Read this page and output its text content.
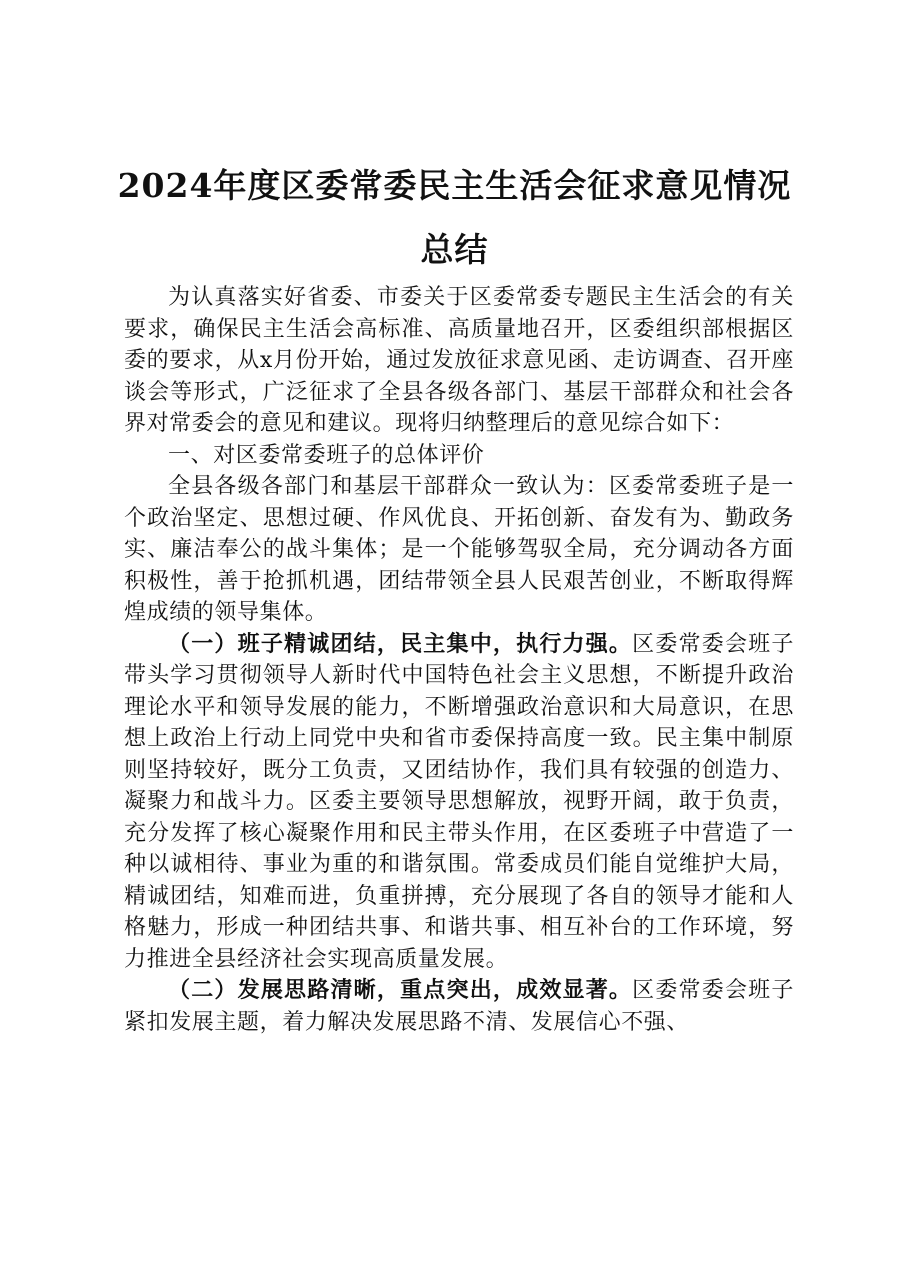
2024年度区委常委民主生活会征求意见情况
总结

为认真落实好省委、市委关于区委常委专题民主生活会的有关要求，确保民主生活会高标准、高质量地召开，区委组织部根据区委的要求，从x月份开始，通过发放征求意见函、走访调查、召开座谈会等形式，广泛征求了全县各级各部门、基层干部群众和社会各界对常委会的意见和建议。现将归纳整理后的意见综合如下：

一、对区委常委班子的总体评价

全县各级各部门和基层干部群众一致认为：区委常委班子是一个政治坚定、思想过硬、作风优良、开拓创新、奋发有为、勤政务实、廉洁奉公的战斗集体；是一个能够驾驭全局，充分调动各方面积极性，善于抢抓机遇，团结带领全县人民艰苦创业，不断取得辉煌成绩的领导集体。

（一）班子精诚团结，民主集中，执行力强。区委常委会班子带头学习贯彻领导人新时代中国特色社会主义思想，不断提升政治理论水平和领导发展的能力，不断增强政治意识和大局意识，在思想上政治上行动上同党中央和省市委保持高度一致。民主集中制原则坚持较好，既分工负责，又团结协作，我们具有较强的创造力、凝聚力和战斗力。区委主要领导思想解放，视野开阔，敢于负责，充分发挥了核心凝聚作用和民主带头作用，在区委班子中营造了一种以诚相待、事业为重的和谐氛围。常委成员们能自觉维护大局，精诚团结，知难而进，负重拼搏，充分展现了各自的领导才能和人格魅力，形成一种团结共事、和谐共事、相互补台的工作环境，努力推进全县经济社会实现高质量发展。

（二）发展思路清晰，重点突出，成效显著。区委常委会班子紧扣发展主题，着力解决发展思路不清、发展信心不强、
